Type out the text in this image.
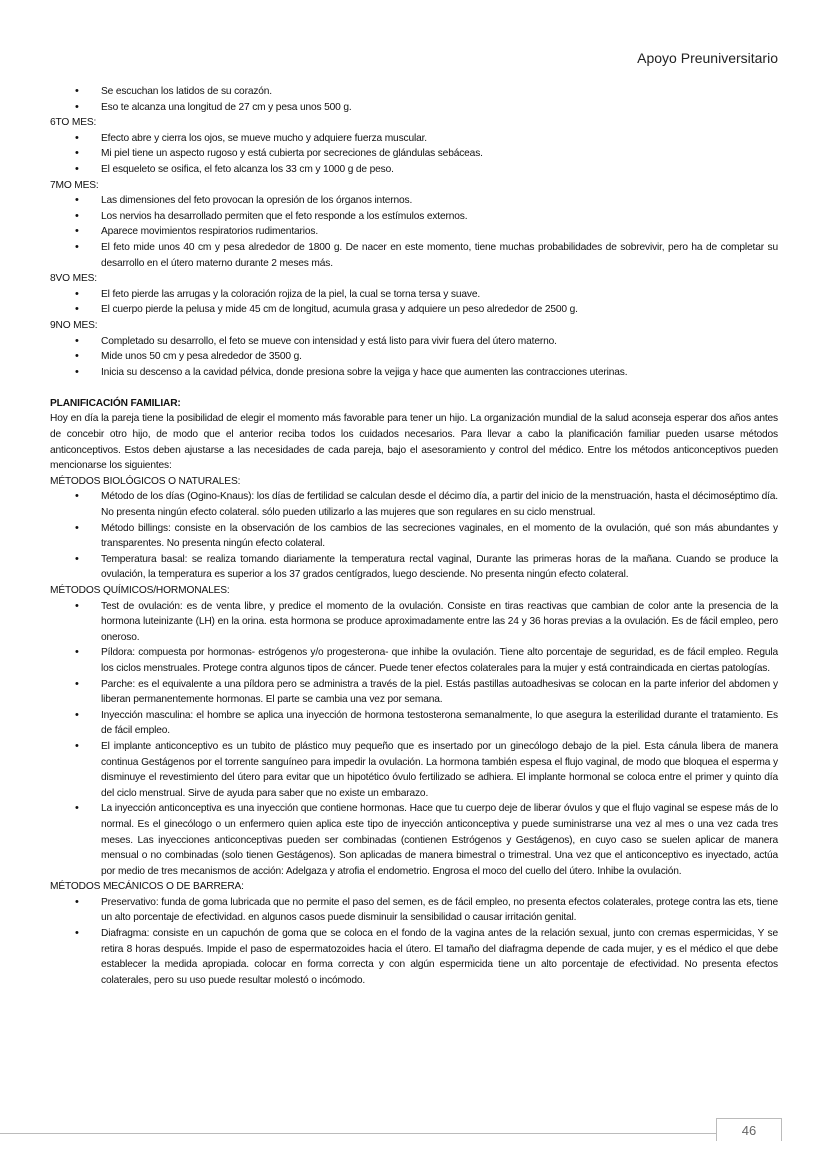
Apoyo Preuniversitario
• Se escuchan los latidos de su corazón.
• Eso te alcanza una longitud de 27 cm y pesa unos 500 g.
6TO MES:
• Efecto abre y cierra los ojos, se mueve mucho y adquiere fuerza muscular.
• Mi piel tiene un aspecto rugoso y está cubierta por secreciones de glándulas sebáceas.
• El esqueleto se osifica, el feto alcanza los 33 cm y 1000 g de peso.
7MO MES:
• Las dimensiones del feto provocan la opresión de los órganos internos.
• Los nervios ha desarrollado permiten que el feto responde a los estímulos externos.
• Aparece movimientos respiratorios rudimentarios.
• El feto mide unos 40 cm y pesa alrededor de 1800 g. De nacer en este momento, tiene muchas probabilidades de sobrevivir, pero ha de completar su desarrollo en el útero materno durante 2 meses más.
8VO MES:
• El feto pierde las arrugas y la coloración rojiza de la piel, la cual se torna tersa y suave.
• El cuerpo pierde la pelusa y mide 45 cm de longitud, acumula grasa y adquiere un peso alrededor de 2500 g.
9NO MES:
• Completado su desarrollo, el feto se mueve con intensidad y está listo para vivir fuera del útero materno.
• Mide unos 50 cm y pesa alrededor de 3500 g.
• Inicia su descenso a la cavidad pélvica, donde presiona sobre la vejiga y hace que aumenten las contracciones uterinas.
PLANIFICACIÓN FAMILIAR:

Hoy en día la pareja tiene la posibilidad de elegir el momento más favorable para tener un hijo. La organización mundial de la salud aconseja esperar dos años antes de concebir otro hijo, de modo que el anterior reciba todos los cuidados necesarios. Para llevar a cabo la planificación familiar pueden usarse métodos anticonceptivos. Estos deben ajustarse a las necesidades de cada pareja, bajo el asesoramiento y control del médico. Entre los métodos anticonceptivos pueden mencionarse los siguientes:

MÉTODOS BIOLÓGICOS O NATURALES:
• Método de los días (Ogino-Knaus): los días de fertilidad se calculan desde el décimo día, a partir del inicio de la menstruación, hasta el décimoséptimo día. No presenta ningún efecto colateral. sólo pueden utilizarlo a las mujeres que son regulares en su ciclo menstrual.
• Método billings: consiste en la observación de los cambios de las secreciones vaginales, en el momento de la ovulación, qué son más abundantes y transparentes. No presenta ningún efecto colateral.
• Temperatura basal: se realiza tomando diariamente la temperatura rectal vaginal, Durante las primeras horas de la mañana. Cuando se produce la ovulación, la temperatura es superior a los 37 grados centígrados, luego desciende. No presenta ningún efecto colateral.
MÉTODOS QUÍMICOS/HORMONALES:
• Test de ovulación: es de venta libre, y predice el momento de la ovulación. Consiste en tiras reactivas que cambian de color ante la presencia de la hormona luteinizante (LH) en la orina. esta hormona se produce aproximadamente entre las 24 y 36 horas previas a la ovulación. Es de fácil empleo, pero oneroso.
• Píldora: compuesta por hormonas- estrógenos y/o progesterona- que inhibe la ovulación. Tiene alto porcentaje de seguridad, es de fácil empleo. Regula los ciclos menstruales. Protege contra algunos tipos de cáncer. Puede tener efectos colaterales para la mujer y está contraindicada en ciertas patologías.
• Parche: es el equivalente a una píldora pero se administra a través de la piel. Estás pastillas autoadhesivas se colocan en la parte inferior del abdomen y liberan permanentemente hormonas. El parte se cambia una vez por semana.
• Inyección masculina: el hombre se aplica una inyección de hormona testosterona semanalmente, lo que asegura la esterilidad durante el tratamiento. Es de fácil empleo.
• El implante anticonceptivo es un tubito de plástico muy pequeño que es insertado por un ginecólogo debajo de la piel. Esta cánula libera de manera continua Gestágenos por el torrente sanguíneo para impedir la ovulación. La hormona también espesa el flujo vaginal, de modo que bloquea el esperma y disminuye el revestimiento del útero para evitar que un hipotético óvulo fertilizado se adhiera. El implante hormonal se coloca entre el primer y quinto día del ciclo menstrual. Sirve de ayuda para saber que no existe un embarazo.
• La inyección anticonceptiva es una inyección que contiene hormonas. Hace que tu cuerpo deje de liberar óvulos y que el flujo vaginal se espese más de lo normal. Es el ginecólogo o un enfermero quien aplica este tipo de inyección anticonceptiva y puede suministrarse una vez al mes o una vez cada tres meses. Las inyecciones anticonceptivas pueden ser combinadas (contienen Estrógenos y Gestágenos), en cuyo caso se suelen aplicar de manera mensual o no combinadas (solo tienen Gestágenos). Son aplicadas de manera bimestral o trimestral. Una vez que el anticonceptivo es inyectado, actúa por medio de tres mecanismos de acción: Adelgaza y atrofia el endometrio. Engrosa el moco del cuello del útero. Inhibe la ovulación.
MÉTODOS MECÁNICOS O DE BARRERA:
• Preservativo: funda de goma lubricada que no permite el paso del semen, es de fácil empleo, no presenta efectos colaterales, protege contra las ets, tiene un alto porcentaje de efectividad. en algunos casos puede disminuir la sensibilidad o causar irritación genital.
• Diafragma: consiste en un capuchón de goma que se coloca en el fondo de la vagina antes de la relación sexual, junto con cremas espermicidas, Y se retira 8 horas después. Impide el paso de espermatozoides hacia el útero. El tamaño del diafragma depende de cada mujer, y es el médico el que debe establecer la medida apropiada. colocar en forma correcta y con algún espermicida tiene un alto porcentaje de efectividad. No presenta efectos colaterales, pero su uso puede resultar molestó o incómodo.
46
